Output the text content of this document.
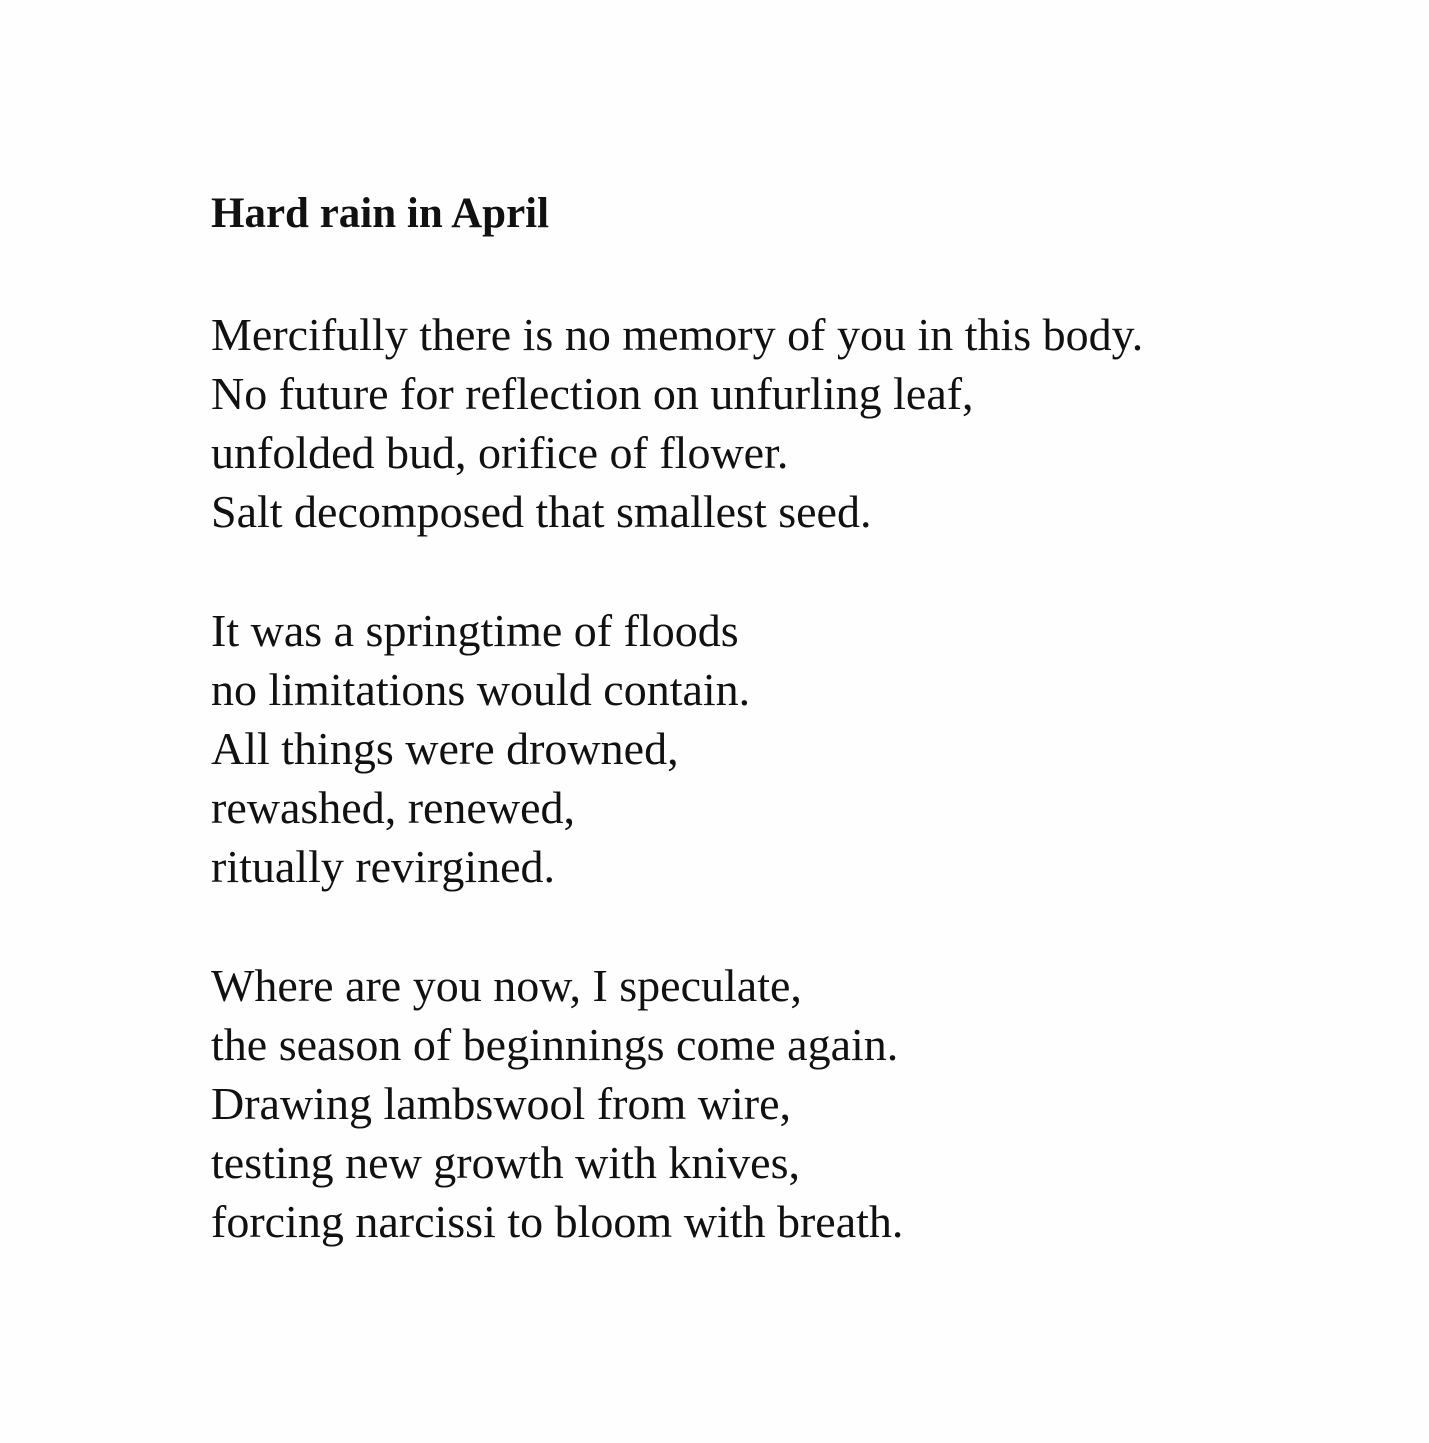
Hard rain in April
Mercifully there is no memory of you in this body.
No future for reflection on unfurling leaf,
unfolded bud, orifice of flower.
Salt decomposed that smallest seed.
It was a springtime of floods
no limitations would contain.
All things were drowned,
rewashed, renewed,
ritually revirgined.
Where are you now, I speculate,
the season of beginnings come again.
Drawing lambswool from wire,
testing new growth with knives,
forcing narcissi to bloom with breath.
